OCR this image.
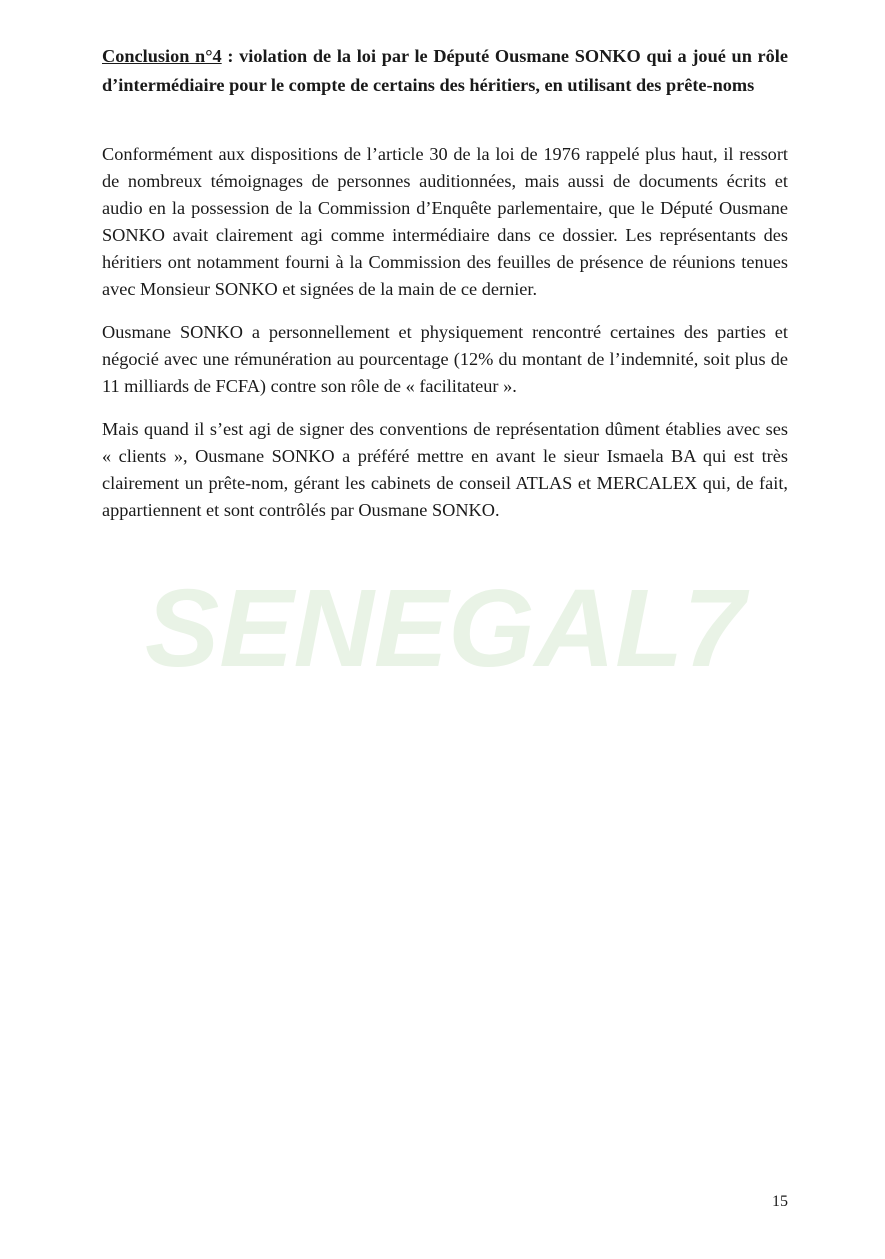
SENEGAL7

Conclusion n°4 : violation de la loi par le Député Ousmane SONKO qui a joué un rôle d’intermédiaire pour le compte de certains des héritiers, en utilisant des prête-noms

Conformément aux dispositions de l’article 30 de la loi de 1976 rappelé plus haut, il ressort de nombreux témoignages de personnes auditionnées, mais aussi de documents écrits et audio en la possession de la Commission d’Enquête parlementaire, que le Député Ousmane SONKO avait clairement agi comme intermédiaire dans ce dossier. Les représentants des héritiers ont notamment fourni à la Commission des feuilles de présence de réunions tenues avec Monsieur SONKO et signées de la main de ce dernier.

Ousmane SONKO a personnellement et physiquement rencontré certaines des parties et négocié avec une rémunération au pourcentage (12% du montant de l’indemnité, soit plus de 11 milliards de FCFA) contre son rôle de « facilitateur ».

Mais quand il s’est agi de signer des conventions de représentation dûment établies avec ses « clients », Ousmane SONKO a préféré mettre en avant le sieur Ismaela BA qui est très clairement un prête-nom, gérant les cabinets de conseil ATLAS et MERCALEX qui, de fait, appartiennent et sont contrôlés par Ousmane SONKO.

15
